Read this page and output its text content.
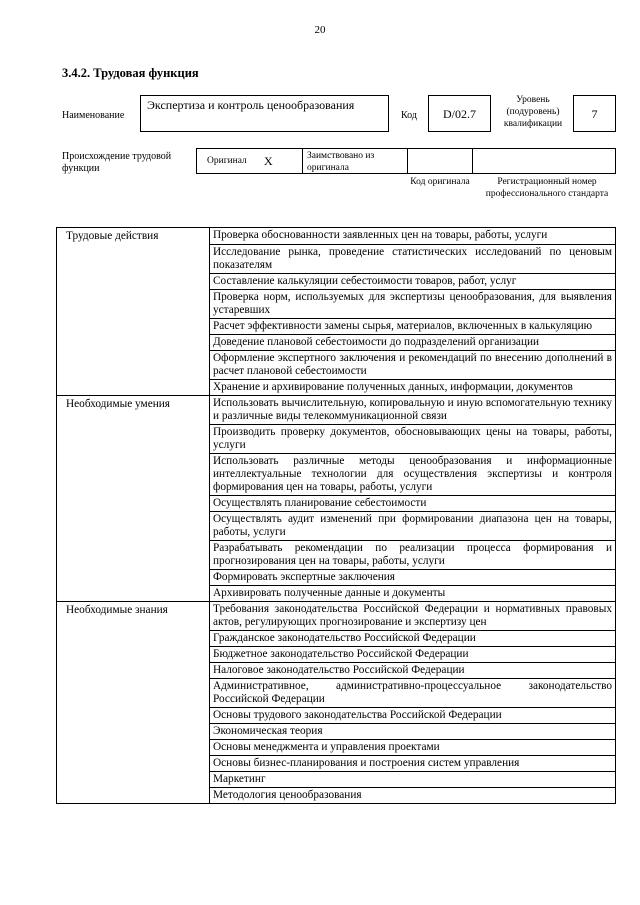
20
3.4.2. Трудовая функция
Наименование
Экспертиза и контроль ценообразования
Код	D/02.7
Уровень (подуровень) квалификации
7
Происхождение трудовой функции
Оригинал	X	Заимствовано из оригинала
Код оригинала	Регистрационный номер профессионального стандарта
Трудовые действия	Проверка обоснованности заявленных цен на товары, работы, услуги
	Исследование рынка, проведение статистических исследований по ценовым показателям
	Составление калькуляции себестоимости товаров, работ, услуг
	Проверка норм, используемых для экспертизы ценообразования, для выявления устаревших
	Расчет эффективности замены сырья, материалов, включенных в калькуляцию
	Доведение плановой себестоимости до подразделений организации
	Оформление экспертного заключения и рекомендаций по внесению дополнений в расчет плановой себестоимости
	Хранение и архивирование полученных данных, информации, документов
Необходимые умения	Использовать вычислительную, копировальную и иную вспомогательную технику и различные виды телекоммуникационной связи
	Производить проверку документов, обосновывающих цены на товары, работы, услуги
	Использовать различные методы ценообразования и информационные интеллектуальные технологии для осуществления экспертизы и контроля формирования цен на товары, работы, услуги
	Осуществлять планирование себестоимости
	Осуществлять аудит изменений при формировании диапазона цен на товары, работы, услуги
	Разрабатывать рекомендации по реализации процесса формирования и прогнозирования цен на товары, работы, услуги
	Формировать экспертные заключения
	Архивировать полученные данные и документы
Необходимые знания	Требования законодательства Российской Федерации и нормативных правовых актов, регулирующих прогнозирование и экспертизу цен
	Гражданское законодательство Российской Федерации
	Бюджетное законодательство Российской Федерации
	Налоговое законодательство Российской Федерации
	Административное, административно-процессуальное законодательство Российской Федерации
	Основы трудового законодательства Российской Федерации
	Экономическая теория
	Основы менеджмента и управления проектами
	Основы бизнес-планирования и построения систем управления
	Маркетинг
	Методология ценообразования
